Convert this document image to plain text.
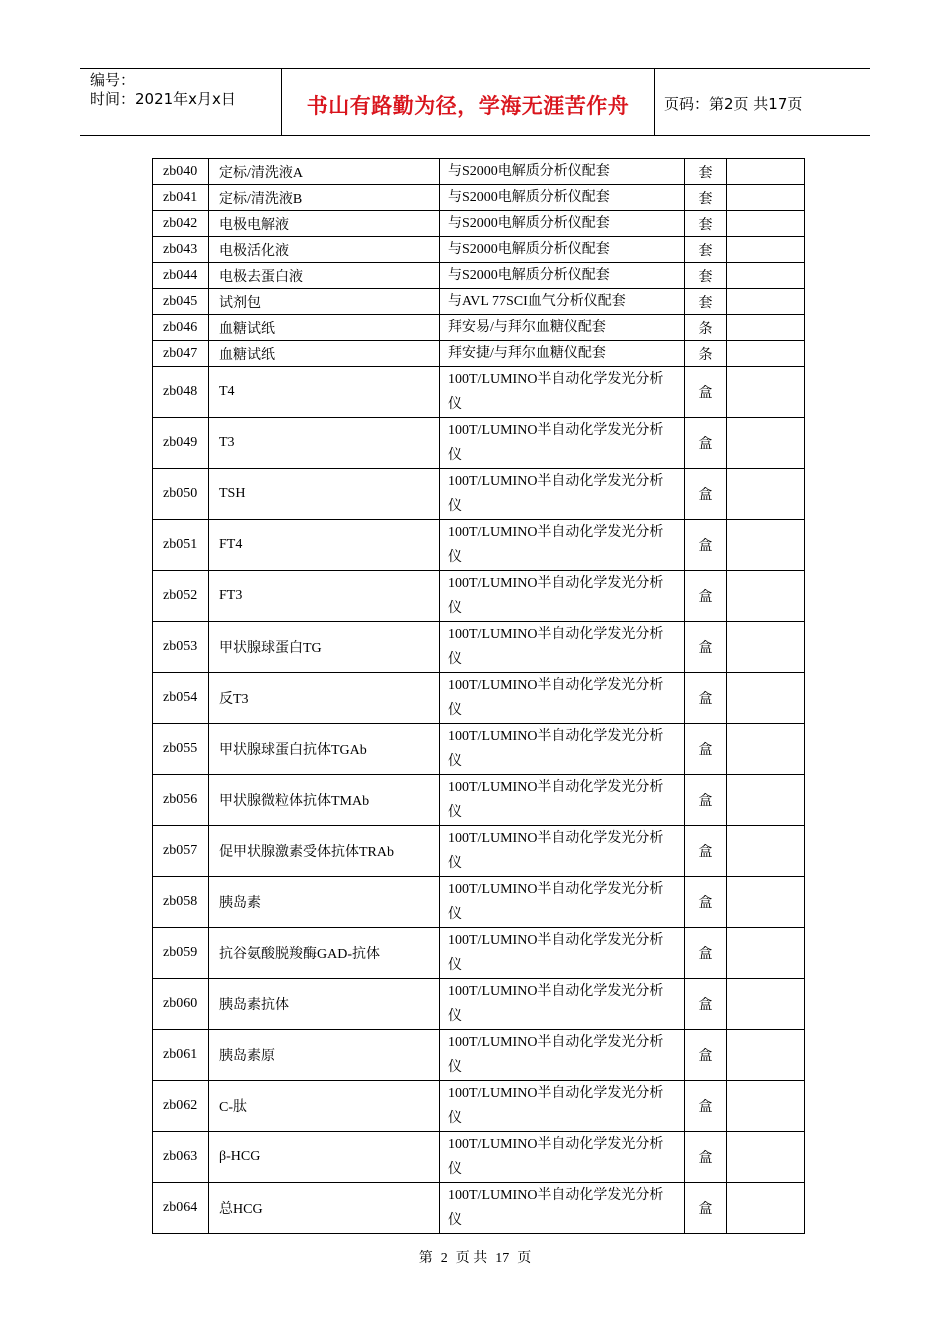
编号：
时间：2021年x月x日	书山有路勤为径，学海无涯苦作舟 页码：第2页 共17页
zb040	定标/清洗液A	与S2000电解质分析仪配套	套	
zb041	定标/清洗液B	与S2000电解质分析仪配套	套	
zb042	电极电解液	与S2000电解质分析仪配套	套	
zb043	电极活化液	与S2000电解质分析仪配套	套	
zb044	电极去蛋白液	与S2000电解质分析仪配套	套	
zb045	试剂包	与AVL 77SCI血气分析仪配套	套	
zb046	血糖试纸	拜安易/与拜尔血糖仪配套	条	
zb047	血糖试纸	拜安捷/与拜尔血糖仪配套	条	
zb048	T4	100T/LUMINO半自动化学发光分析仪	盒	
zb049	T3	100T/LUMINO半自动化学发光分析仪	盒	
zb050	TSH	100T/LUMINO半自动化学发光分析仪	盒	
zb051	FT4	100T/LUMINO半自动化学发光分析仪	盒	
zb052	FT3	100T/LUMINO半自动化学发光分析仪	盒	
zb053	甲状腺球蛋白TG	100T/LUMINO半自动化学发光分析仪	盒	
zb054	反T3	100T/LUMINO半自动化学发光分析仪	盒	
zb055	甲状腺球蛋白抗体TGAb	100T/LUMINO半自动化学发光分析仪	盒	
zb056	甲状腺微粒体抗体TMAb	100T/LUMINO半自动化学发光分析仪	盒	
zb057	促甲状腺激素受体抗体TRAb	100T/LUMINO半自动化学发光分析仪	盒	
zb058	胰岛素	100T/LUMINO半自动化学发光分析仪	盒	
zb059	抗谷氨酸脱羧酶GAD-抗体	100T/LUMINO半自动化学发光分析仪	盒	
zb060	胰岛素抗体	100T/LUMINO半自动化学发光分析仪	盒	
zb061	胰岛素原	100T/LUMINO半自动化学发光分析仪	盒	
zb062	C-肽	100T/LUMINO半自动化学发光分析仪	盒	
zb063	β-HCG	100T/LUMINO半自动化学发光分析仪	盒	
zb064	总HCG	100T/LUMINO半自动化学发光分析仪	盒	
第 2 页 共 17 页
